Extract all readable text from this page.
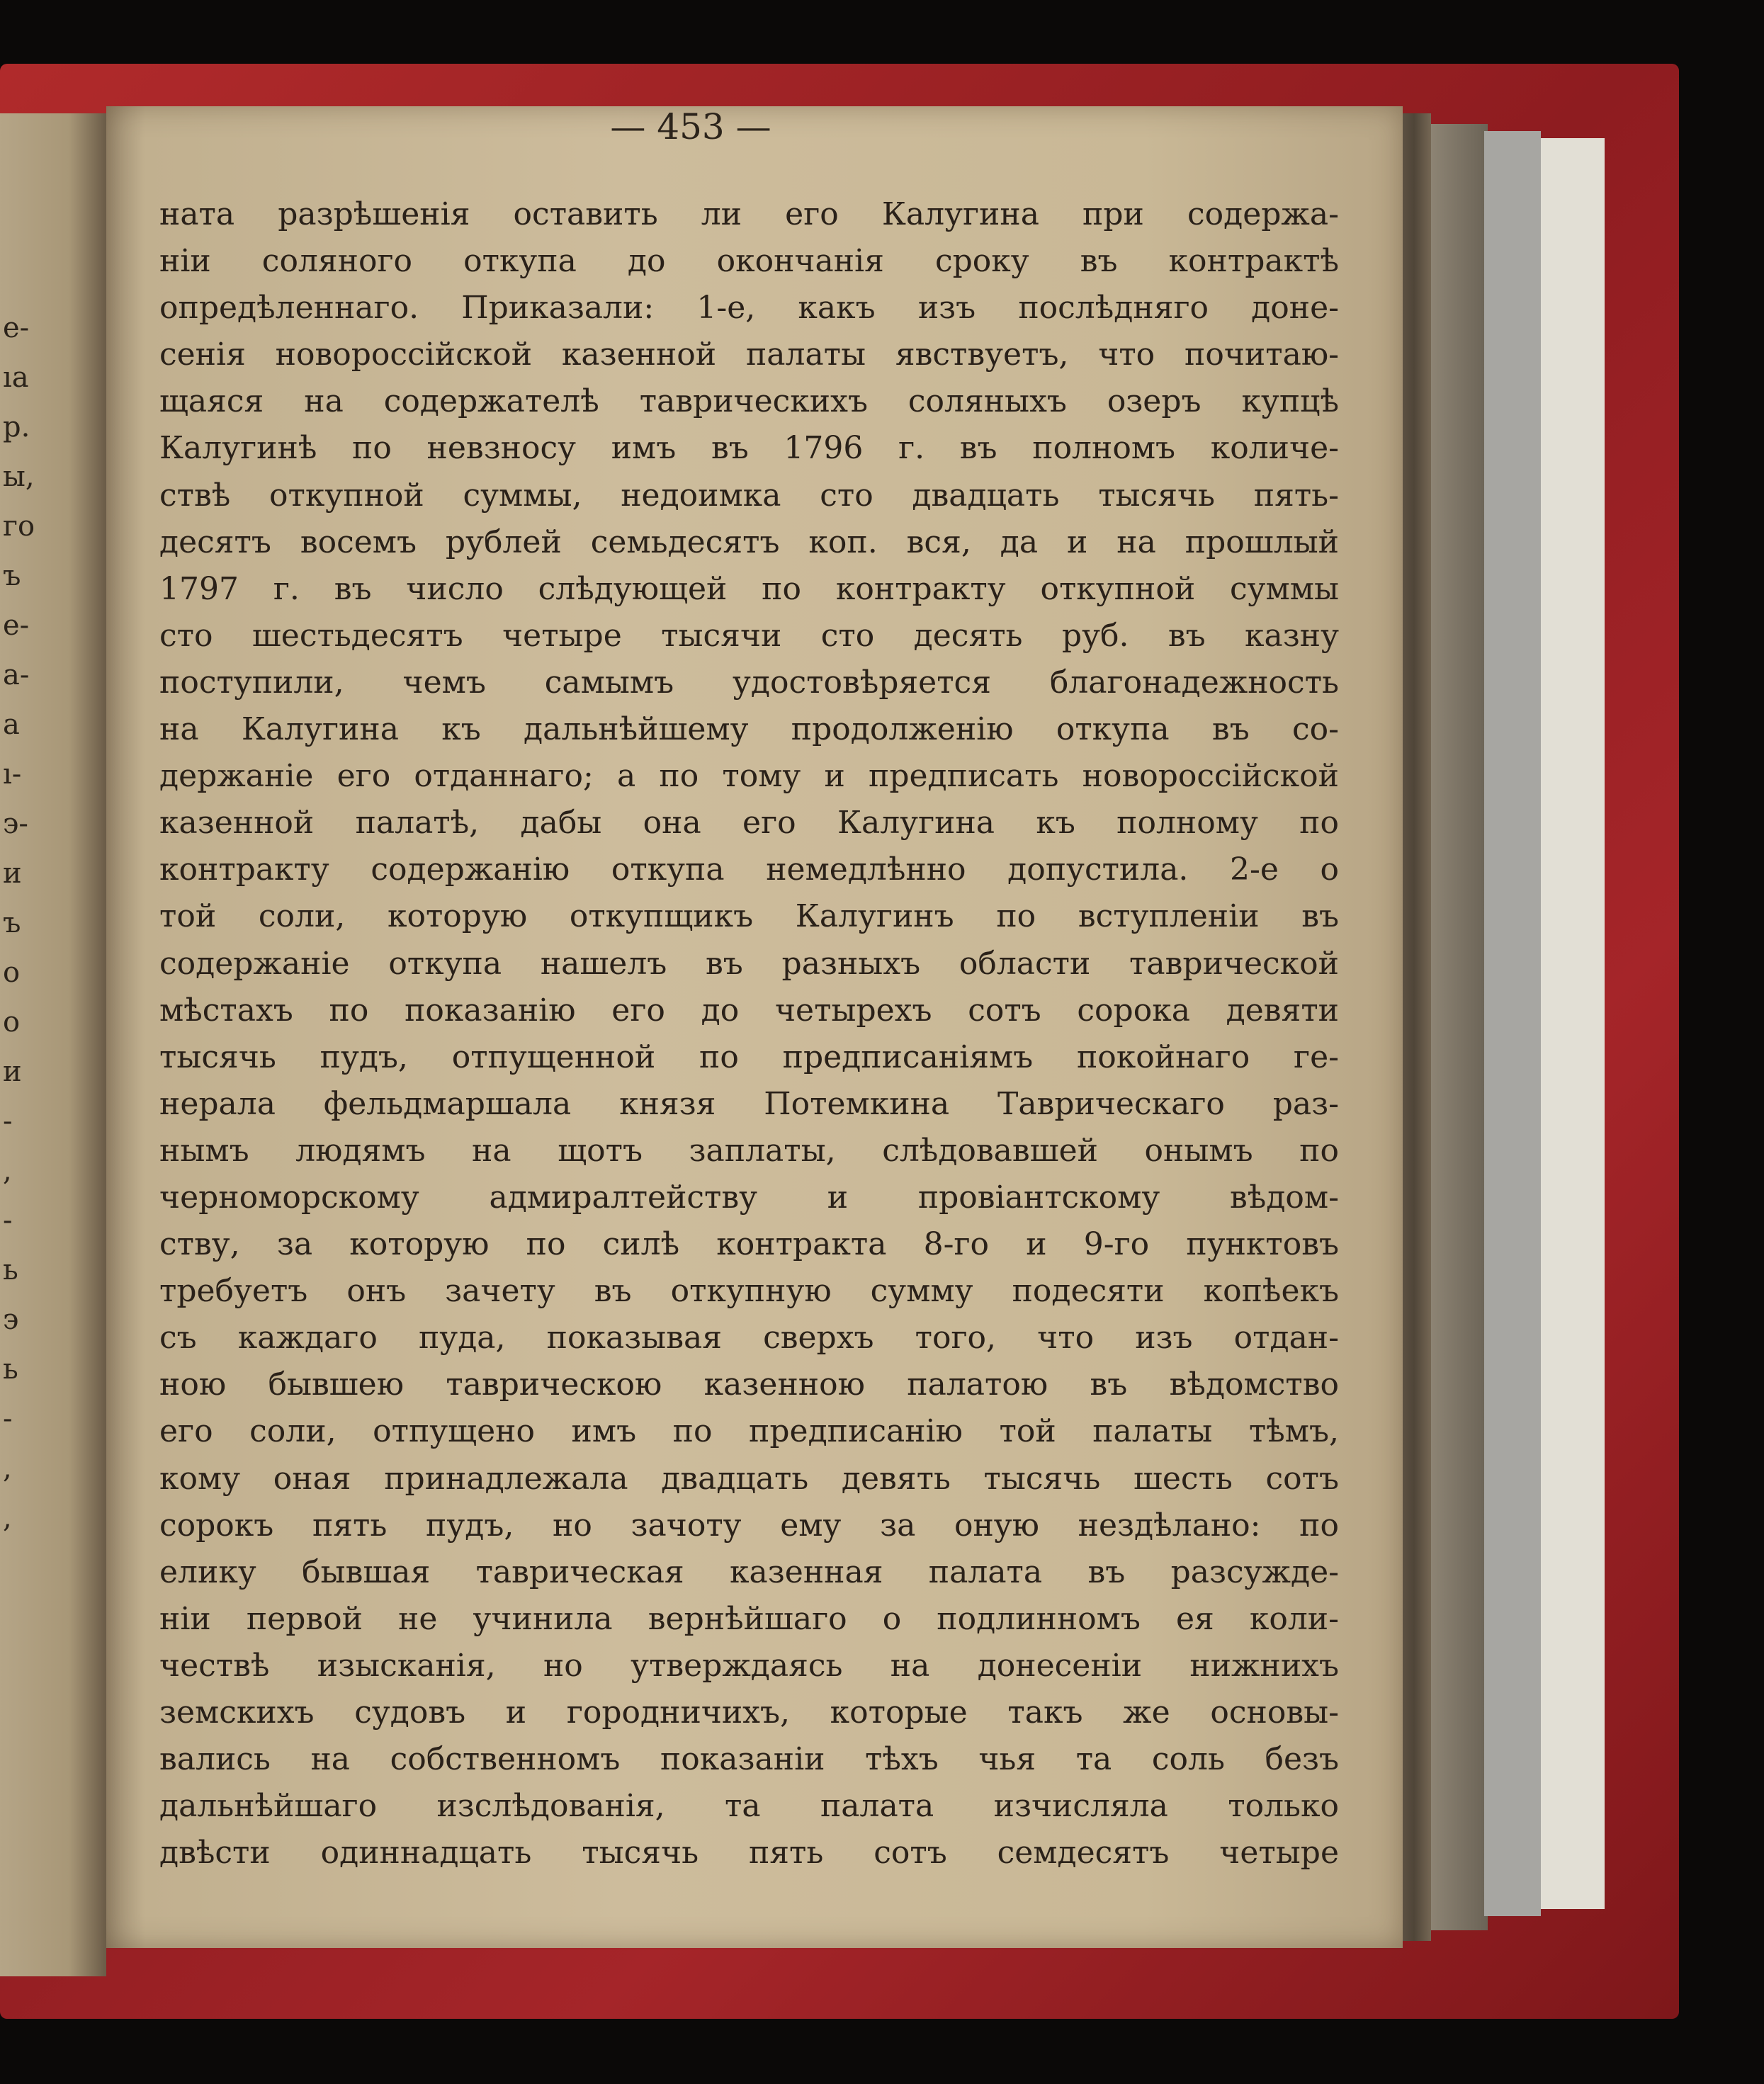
е-
ıа
р.
ы,
го
ъ
е-
а-
а
ı-
э-
и
ъ
о
о
и
-
,
-
ь
э
ь
-
,
,
— 453 —
ната разрѣшенія оставить ли его Калугина при содержа-
ніи соляного откупа до окончанія сроку въ контрактѣ
опредѣленнаго. Приказали: 1-е, какъ изъ послѣдняго доне-
сенія новороссійской казенной палаты явствуетъ, что почитаю-
щаяся на содержателѣ таврическихъ соляныхъ озеръ купцѣ
Калугинѣ по невзносу имъ въ 1796 г. въ полномъ количе-
ствѣ откупной суммы, недоимка сто двадцать тысячь пять-
десятъ восемъ рублей семьдесятъ коп. вся, да и на прошлый
1797 г. въ число слѣдующей по контракту откупной суммы
сто шестьдесятъ четыре тысячи сто десять руб. въ казну
поступили, чемъ самымъ удостовѣряется благонадежность
на Калугина къ дальнѣйшему продолженію откупа въ со-
держаніе его отданнаго; а по тому и предписать новороссійской
казенной палатѣ, дабы она его Калугина къ полному по
контракту содержанію откупа немедлѣнно допустила. 2-е о
той соли, которую откупщикъ Калугинъ по вступленіи въ
содержаніе откупа нашелъ въ разныхъ области таврической
мѣстахъ по показанію его до четырехъ сотъ сорока девяти
тысячь пудъ, отпущенной по предписаніямъ покойнаго ге-
нерала фельдмаршала князя Потемкина Таврическаго раз-
нымъ людямъ на щотъ заплаты, слѣдовавшей онымъ по
черноморскому адмиралтейству и провіантскому вѣдом-
ству, за которую по силѣ контракта 8-го и 9-го пунктовъ
требуетъ онъ зачету въ откупную сумму подесяти копѣекъ
съ каждаго пуда, показывая сверхъ того, что изъ отдан-
ною бывшею таврическою казенною палатою въ вѣдомство
его соли, отпущено имъ по предписанію той палаты тѣмъ,
кому оная принадлежала двадцать девять тысячь шесть сотъ
сорокъ пять пудъ, но зачоту ему за оную нездѣлано: по
елику бывшая таврическая казенная палата въ разсужде-
ніи первой не учинила вернѣйшаго о подлинномъ ея коли-
чествѣ изысканія, но утверждаясь на донесеніи нижнихъ
земскихъ судовъ и городничихъ, которые такъ же основы-
вались на собственномъ показаніи тѣхъ чья та соль безъ
дальнѣйшаго изслѣдованія, та палата изчисляла только
двѣсти одиннадцать тысячь пять сотъ семдесятъ четыре
